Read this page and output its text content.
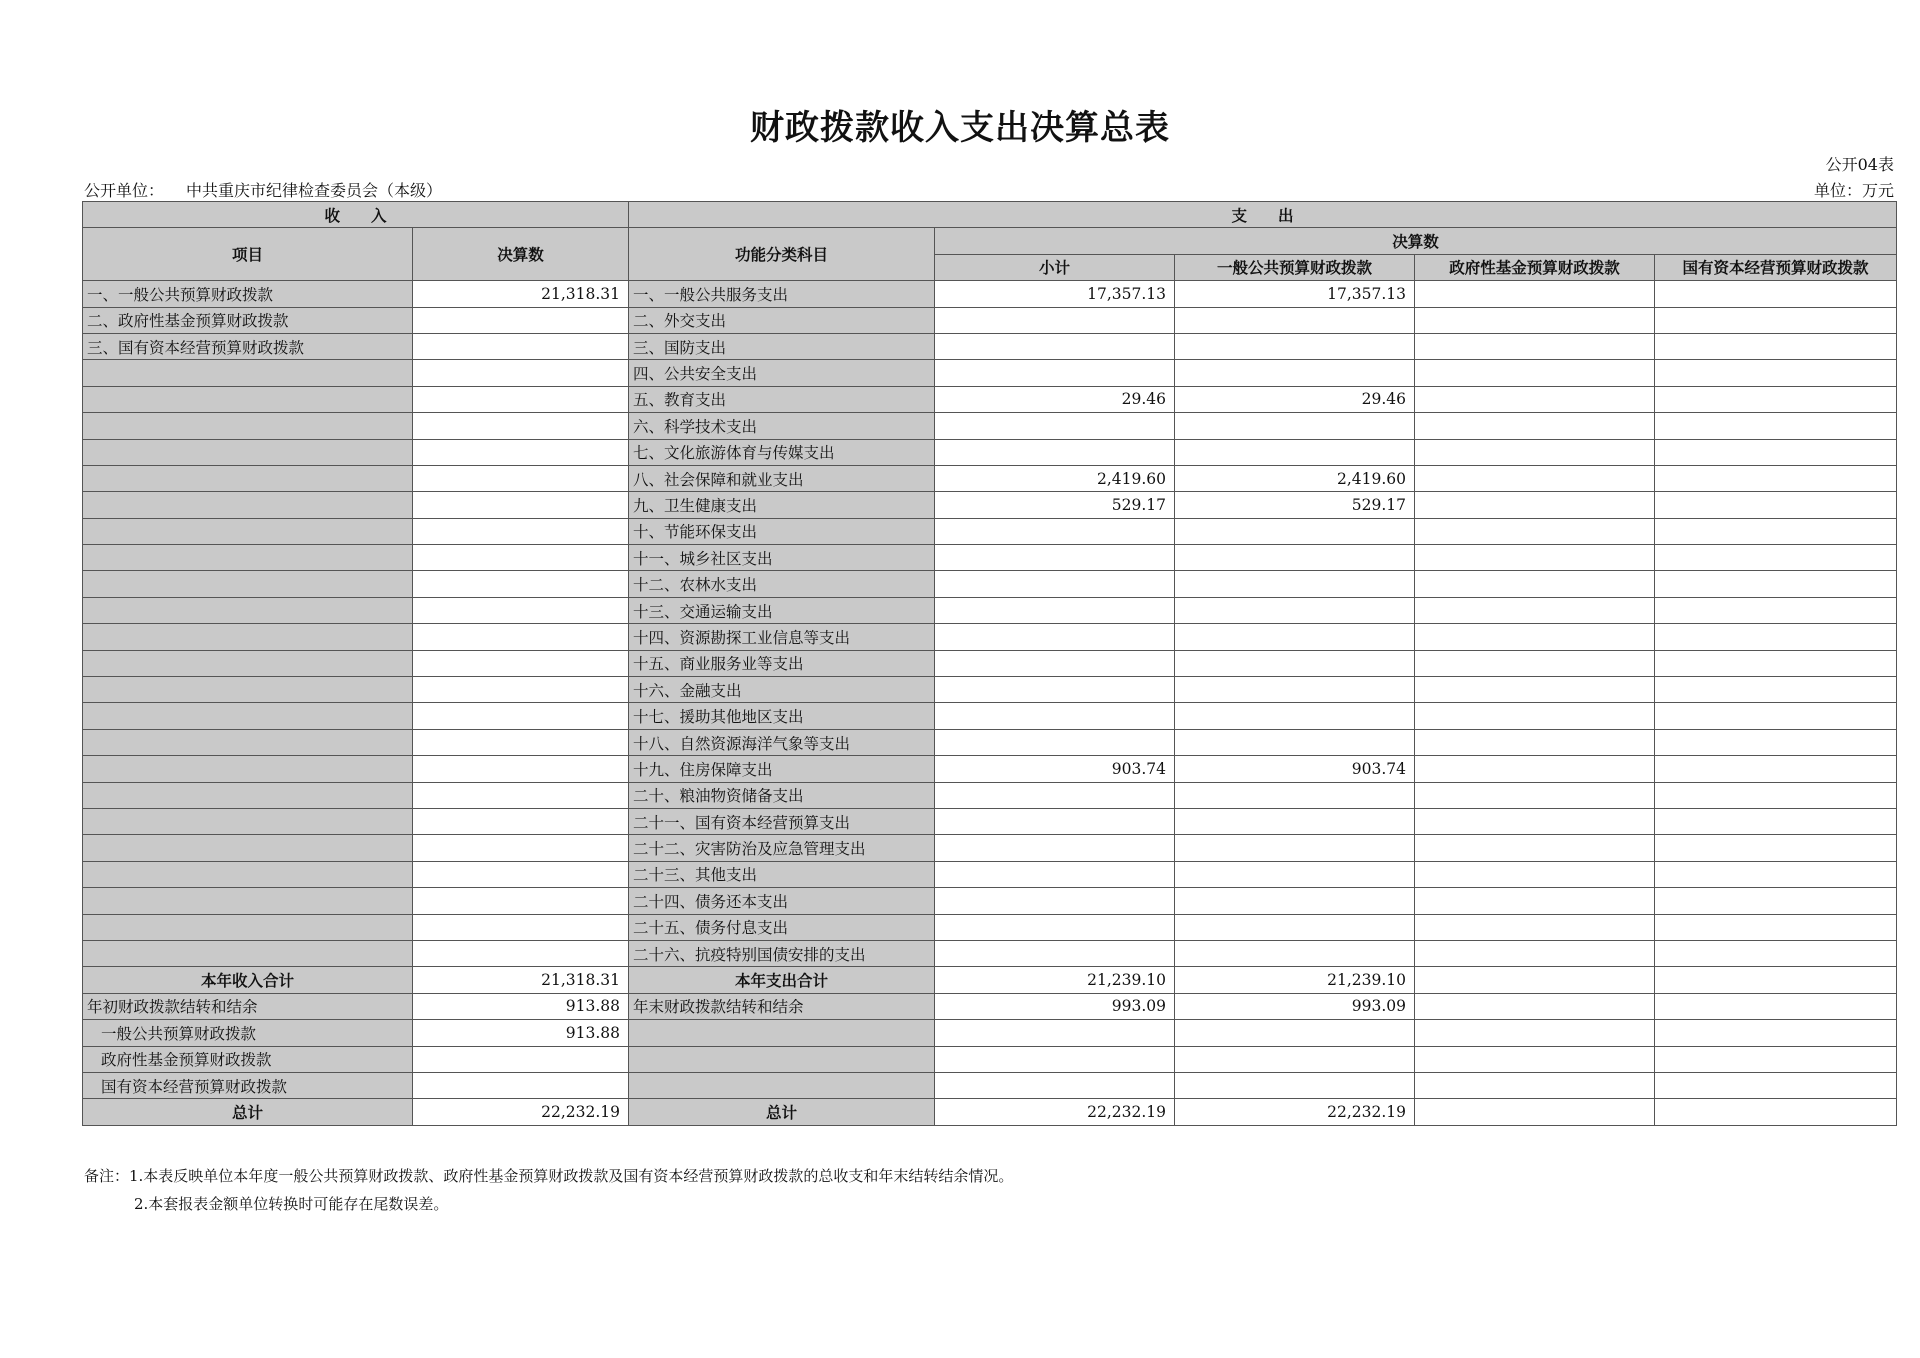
财政拨款收入支出决算总表
公开04表
公开单位： 中共重庆市纪律检查委员会（本级）	单位：万元
收　　入		支　　出				
项目	决算数	功能分类科目	决算数			
			小计	一般公共预算财政拨款	政府性基金预算财政拨款	国有资本经营预算财政拨款
一、一般公共预算财政拨款	21,318.31	一、一般公共服务支出	17,357.13	17,357.13		
二、政府性基金预算财政拨款		二、外交支出				
三、国有资本经营预算财政拨款		三、国防支出				
		四、公共安全支出				
		五、教育支出	29.46	29.46		
		六、科学技术支出				
		七、文化旅游体育与传媒支出				
		八、社会保障和就业支出	2,419.60	2,419.60		
		九、卫生健康支出	529.17	529.17		
		十、节能环保支出				
		十一、城乡社区支出				
		十二、农林水支出				
		十三、交通运输支出				
		十四、资源勘探工业信息等支出				
		十五、商业服务业等支出				
		十六、金融支出				
		十七、援助其他地区支出				
		十八、自然资源海洋气象等支出				
		十九、住房保障支出	903.74	903.74		
		二十、粮油物资储备支出				
		二十一、国有资本经营预算支出				
		二十二、灾害防治及应急管理支出				
		二十三、其他支出				
		二十四、债务还本支出				
		二十五、债务付息支出				
		二十六、抗疫特别国债安排的支出				
本年收入合计	21,318.31	本年支出合计	21,239.10	21,239.10		
年初财政拨款结转和结余	913.88	年末财政拨款结转和结余	993.09	993.09		
一般公共预算财政拨款	913.88					
政府性基金预算财政拨款						
国有资本经营预算财政拨款						
总计	22,232.19	总计	22,232.19	22,232.19		
备注：1.本表反映单位本年度一般公共预算财政拨款、政府性基金预算财政拨款及国有资本经营预算财政拨款的总收支和年末结转结余情况。
2.本套报表金额单位转换时可能存在尾数误差。
